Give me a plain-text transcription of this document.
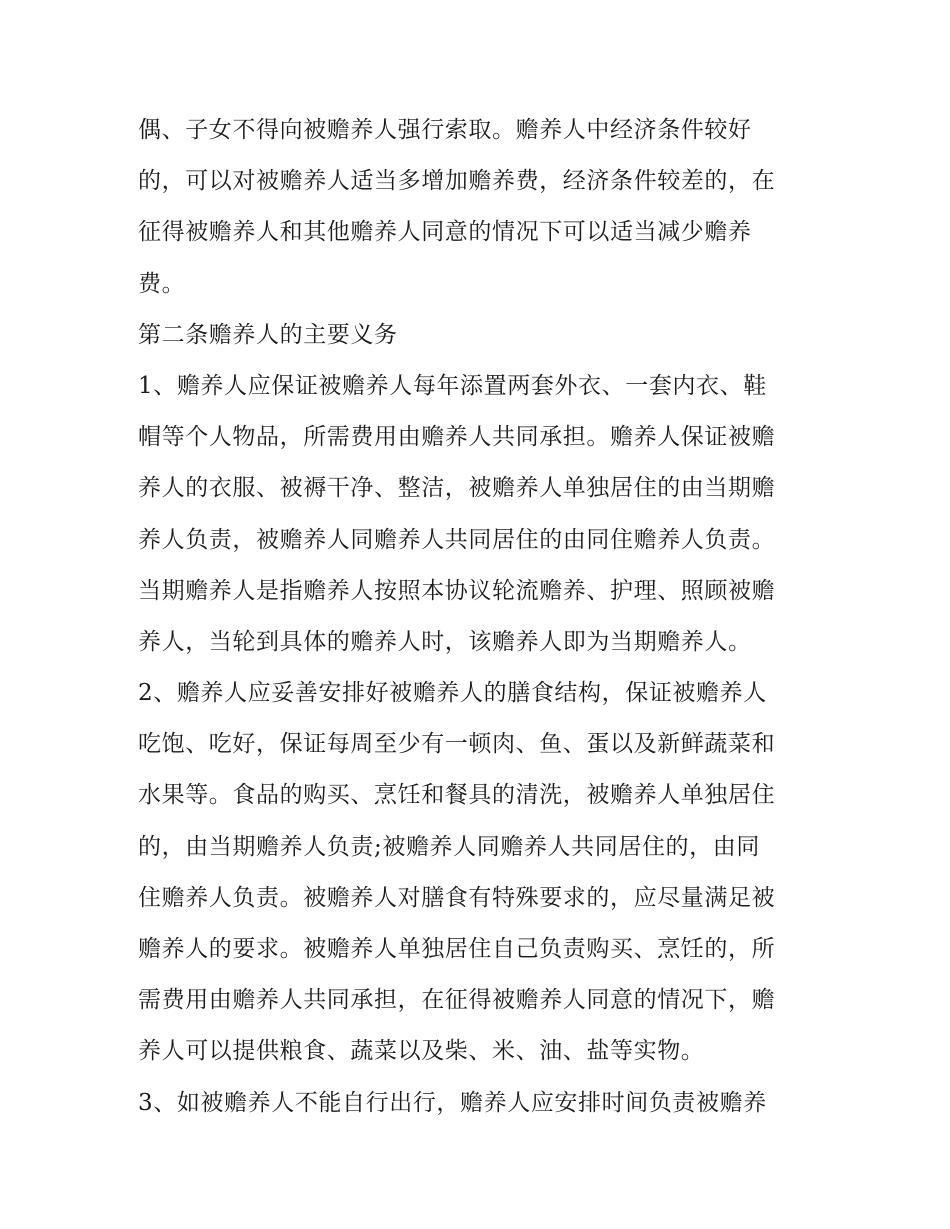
偶、子女不得向被赡养人强行索取。赡养人中经济条件较好
的，可以对被赡养人适当多增加赡养费，经济条件较差的，在
征得被赡养人和其他赡养人同意的情况下可以适当减少赡养
费。
第二条赡养人的主要义务
1、赡养人应保证被赡养人每年添置两套外衣、一套内衣、鞋
帽等个人物品，所需费用由赡养人共同承担。赡养人保证被赡
养人的衣服、被褥干净、整洁，被赡养人单独居住的由当期赡
养人负责，被赡养人同赡养人共同居住的由同住赡养人负责。
当期赡养人是指赡养人按照本协议轮流赡养、护理、照顾被赡
养人，当轮到具体的赡养人时，该赡养人即为当期赡养人。
2、赡养人应妥善安排好被赡养人的膳食结构，保证被赡养人
吃饱、吃好，保证每周至少有一顿肉、鱼、蛋以及新鲜蔬菜和
水果等。食品的购买、烹饪和餐具的清洗，被赡养人单独居住
的，由当期赡养人负责;被赡养人同赡养人共同居住的，由同
住赡养人负责。被赡养人对膳食有特殊要求的，应尽量满足被
赡养人的要求。被赡养人单独居住自己负责购买、烹饪的，所
需费用由赡养人共同承担，在征得被赡养人同意的情况下，赡
养人可以提供粮食、蔬菜以及柴、米、油、盐等实物。
3、如被赡养人不能自行出行，赡养人应安排时间负责被赡养
